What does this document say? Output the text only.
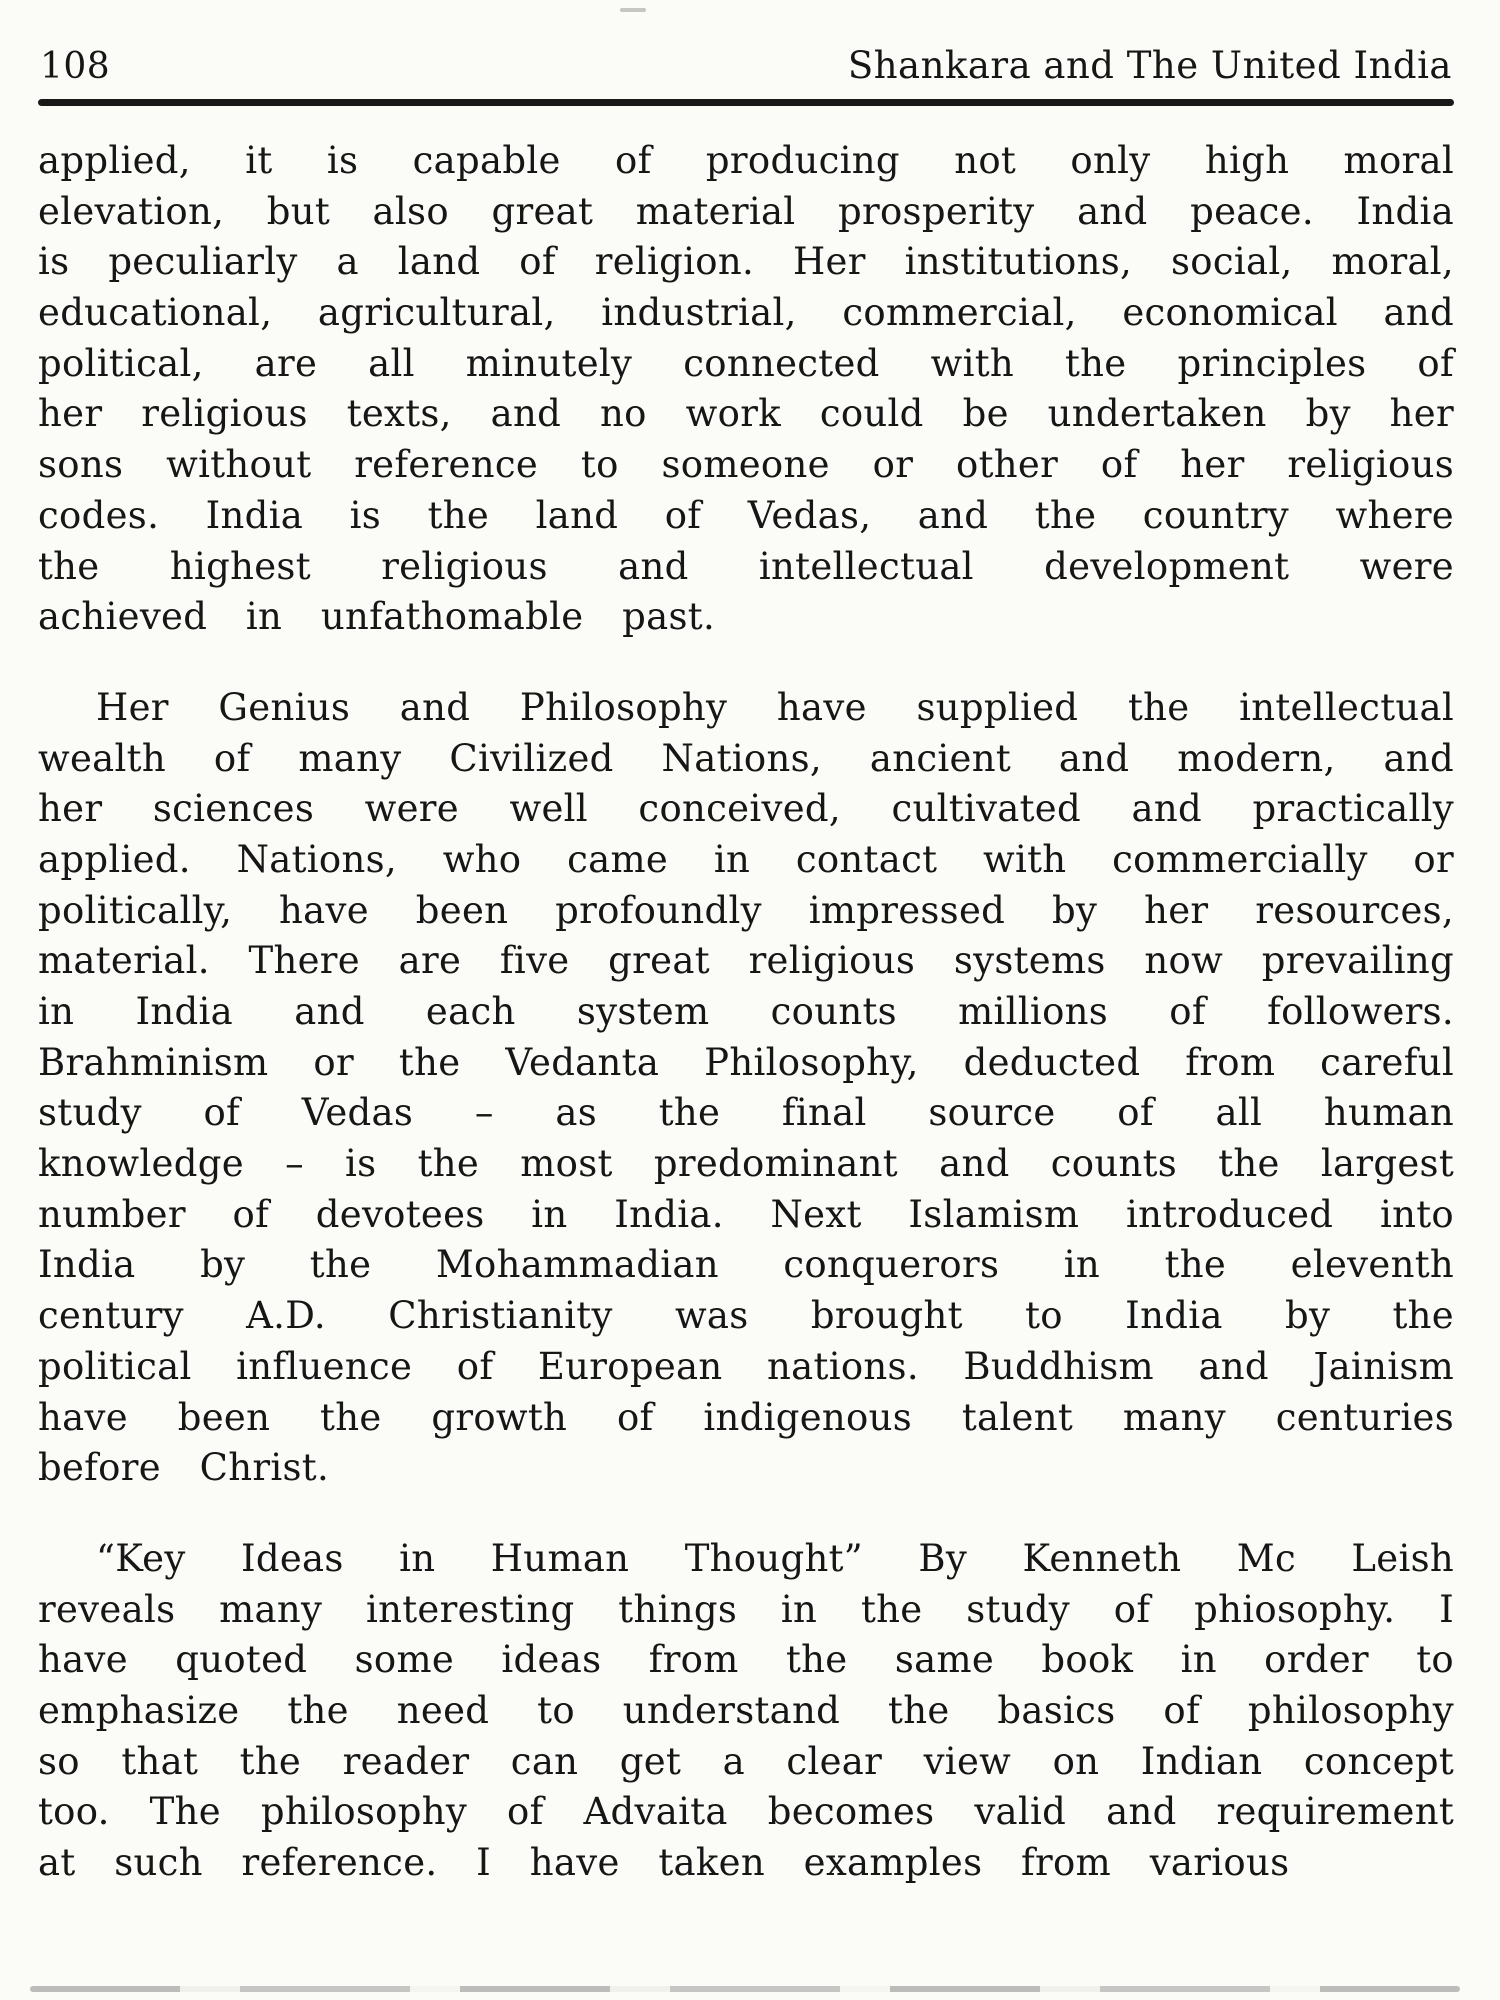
108	Shankara and The United India

applied, it is capable of producing not only high moral elevation, but also great material prosperity and peace. India is peculiarly a land of religion. Her institutions, social, moral, educational, agricultural, industrial, commercial, economical and political, are all minutely connected with the principles of her religious texts, and no work could be undertaken by her sons without reference to someone or other of her religious codes. India is the land of Vedas, and the country where the highest religious and intellectual development were achieved in unfathomable past.

Her Genius and Philosophy have supplied the intellectual wealth of many Civilized Nations, ancient and modern, and her sciences were well conceived, cultivated and practically applied. Nations, who came in contact with commercially or politically, have been profoundly impressed by her resources, material. There are five great religious systems now prevailing in India and each system counts millions of followers. Brahminism or the Vedanta Philosophy, deducted from careful study of Vedas – as the final source of all human knowledge – is the most predominant and counts the largest number of devotees in India. Next Islamism introduced into India by the Mohammadian conquerors in the eleventh century A.D. Christianity was brought to India by the political influence of European nations. Buddhism and Jainism have been the growth of indigenous talent many centuries before Christ.

“Key Ideas in Human Thought” By Kenneth Mc Leish reveals many interesting things in the study of phiosophy. I have quoted some ideas from the same book in order to emphasize the need to understand the basics of philosophy so that the reader can get a clear view on Indian concept too. The philosophy of Advaita becomes valid and requirement at such reference. I have taken examples from various
